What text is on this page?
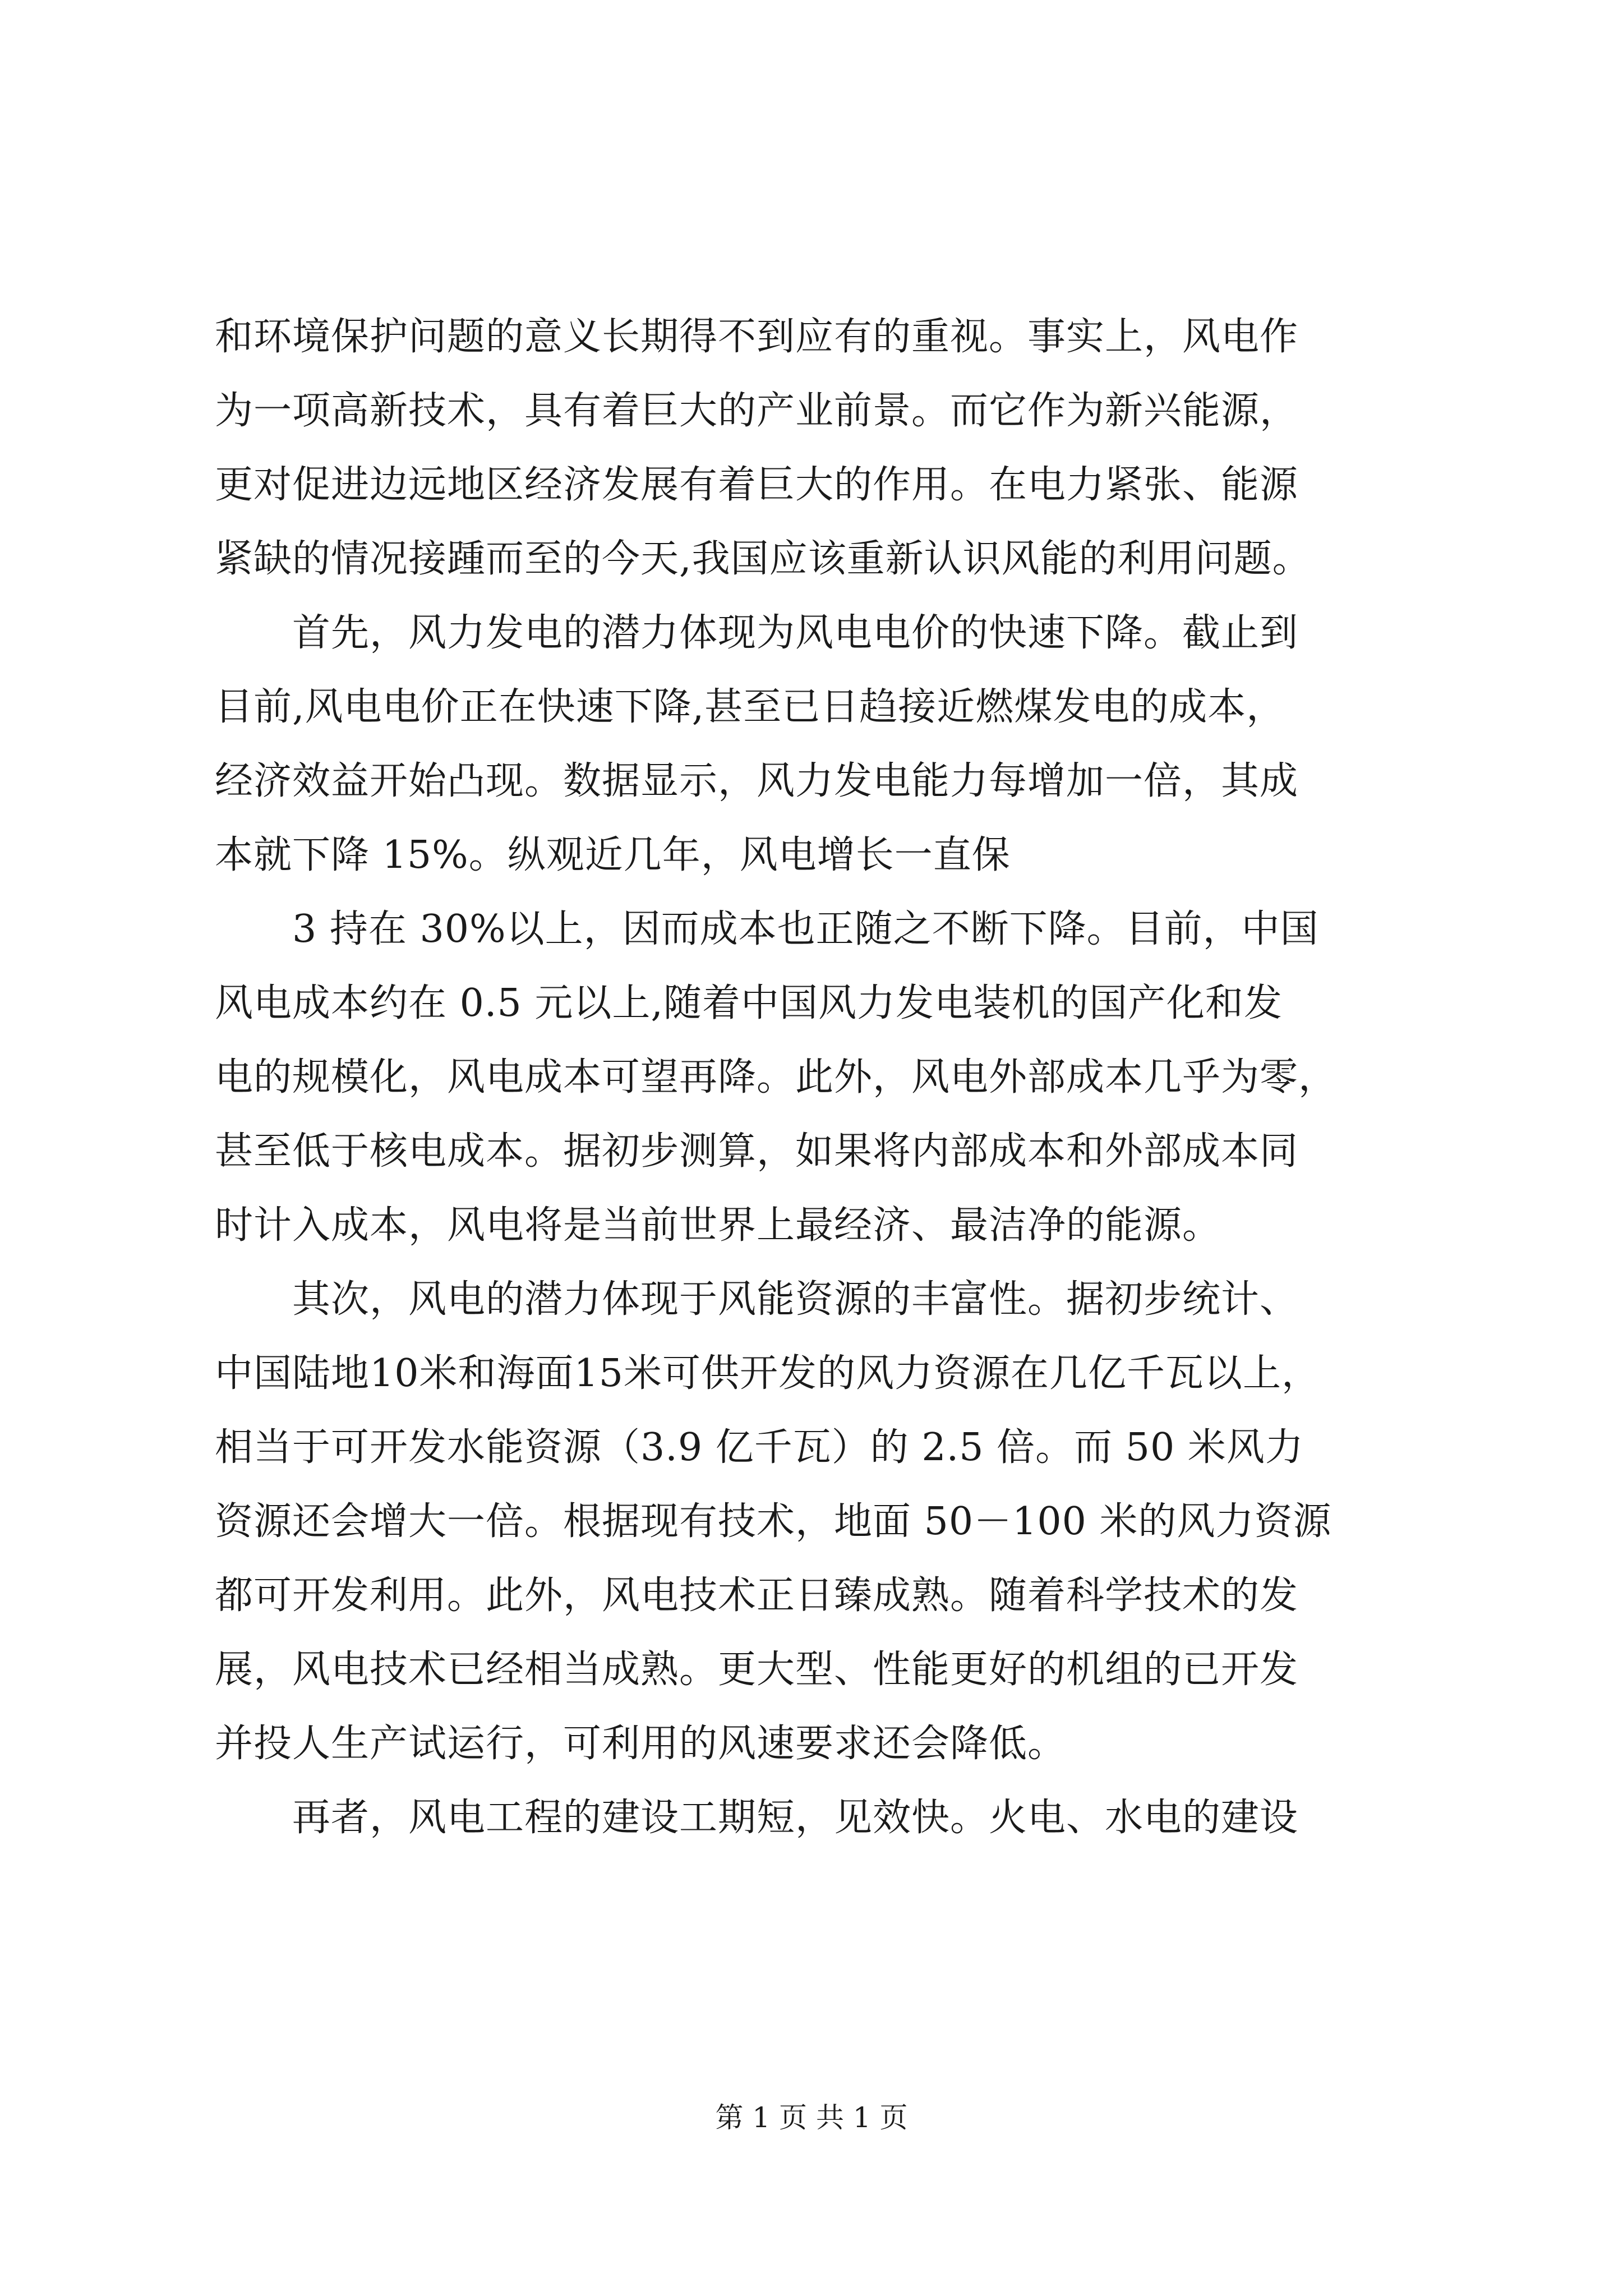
和环境保护问题的意义长期得不到应有的重视。事实上，风电作
为一项高新技术，具有着巨大的产业前景。而它作为新兴能源，
更对促进边远地区经济发展有着巨大的作用。在电力紧张、能源
紧缺的情况接踵而至的今天,我国应该重新认识风能的利用问题。
　　首先，风力发电的潜力体现为风电电价的快速下降。截止到
目前,风电电价正在快速下降,甚至已日趋接近燃煤发电的成本，
经济效益开始凸现。数据显示，风力发电能力每增加一倍，其成
本就下降 15%。纵观近几年，风电增长一直保
　　3 持在 30%以上，因而成本也正随之不断下降。目前，中国
风电成本约在 0.5 元以上,随着中国风力发电装机的国产化和发
电的规模化，风电成本可望再降。此外，风电外部成本几乎为零，
甚至低于核电成本。据初步测算，如果将内部成本和外部成本同
时计入成本，风电将是当前世界上最经济、最洁净的能源。
　　其次，风电的潜力体现于风能资源的丰富性。据初步统计、
中国陆地10米和海面15米可供开发的风力资源在几亿千瓦以上，
相当于可开发水能资源（3.9 亿千瓦）的 2.5 倍。而 50 米风力
资源还会增大一倍。根据现有技术，地面 50－100 米的风力资源
都可开发利用。此外，风电技术正日臻成熟。随着科学技术的发
展，风电技术已经相当成熟。更大型、性能更好的机组的已开发
并投人生产试运行，可利用的风速要求还会降低。
　　再者，风电工程的建设工期短，见效快。火电、水电的建设
第 1 页 共 1 页
